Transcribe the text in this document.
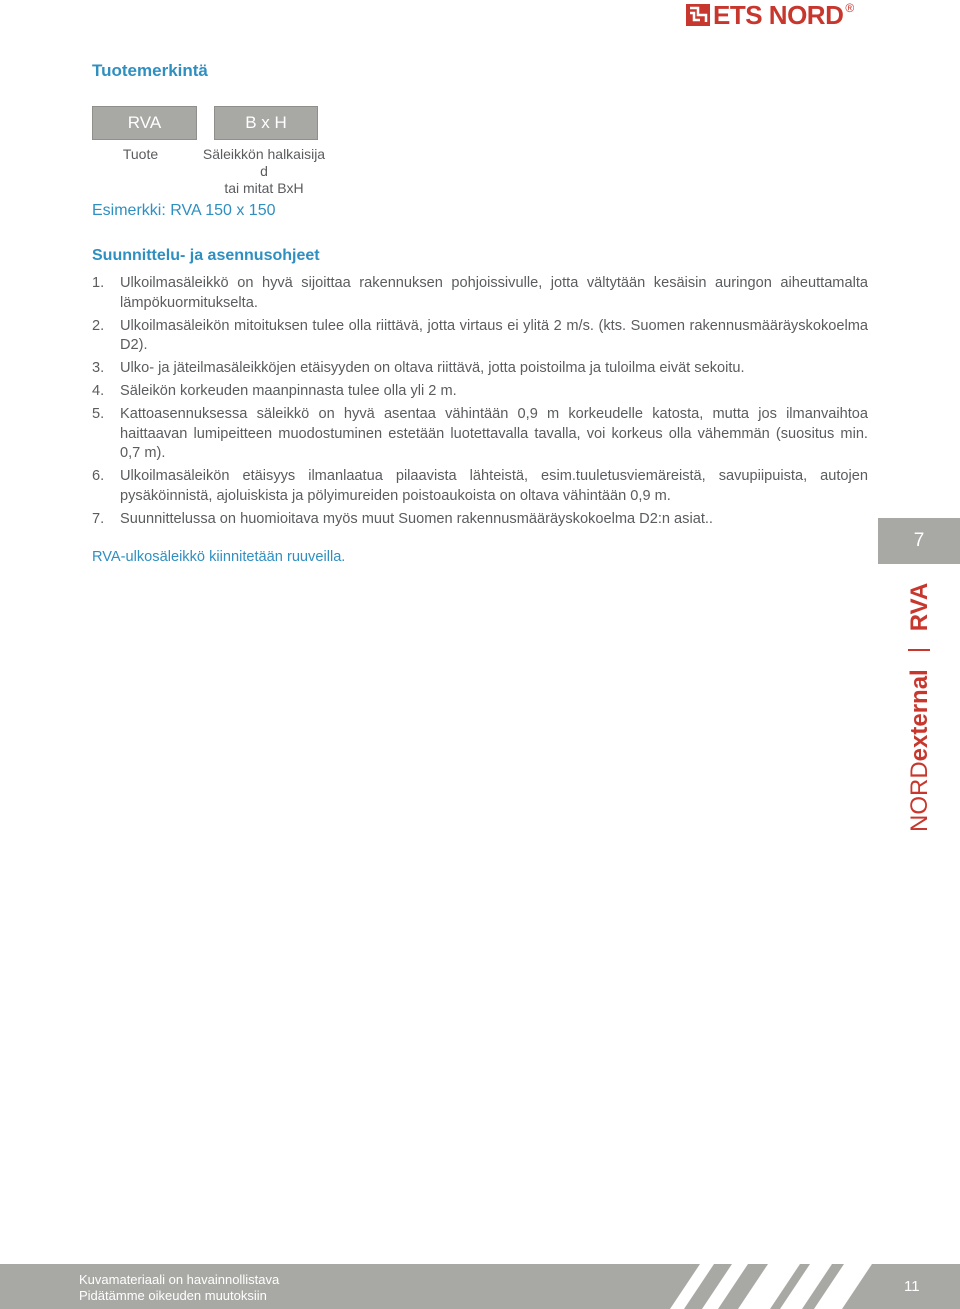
ETS NORD ®
Tuotemerkintä
RVA	B x H
Tuote	Säleikkön halkaisija
d
tai mitat BxH
Esimerkki: RVA 150 x 150
Suunnittelu- ja asennusohjeet
1.	Ulkoilmasäleikkö on hyvä sijoittaa rakennuksen pohjoissivulle, jotta vältytään kesäisin auringon aiheuttamalta lämpökuormitukselta.
2.	Ulkoilmasäleikön mitoituksen tulee olla riittävä, jotta virtaus ei ylitä 2 m/s. (kts. Suomen rakennusmääräyskokoelma D2).
3.	Ulko- ja jäteilmasäleikköjen etäisyyden on oltava riittävä, jotta poistoilma ja tuloilma eivät sekoitu.
4.	Säleikön korkeuden maanpinnasta tulee olla yli 2 m.
5.	Kattoasennuksessa säleikkö on hyvä asentaa vähintään 0,9 m korkeudelle katosta, mutta jos ilmanvaihtoa haittaavan lumipeitteen muodostuminen estetään luotettavalla tavalla, voi korkeus olla vähemmän (suositus min. 0,7 m).
6.	Ulkoilmasäleikön etäisyys ilmanlaatua pilaavista lähteistä, esim.tuuletusviemäreistä, savupiipuista, autojen pysäköinnistä, ajoluiskista ja pölyimureiden poistoaukoista on oltava vähintään 0,9 m.
7.	Suunnittelussa on huomioitava myös muut Suomen rakennusmääräyskokoelma D2:n asiat..
RVA-ulkosäleikkö kiinnitetään ruuveilla.
7
NORDexternalRVA
Kuvamateriaali on havainnollistava
Pidätämme oikeuden muutoksiin
11
